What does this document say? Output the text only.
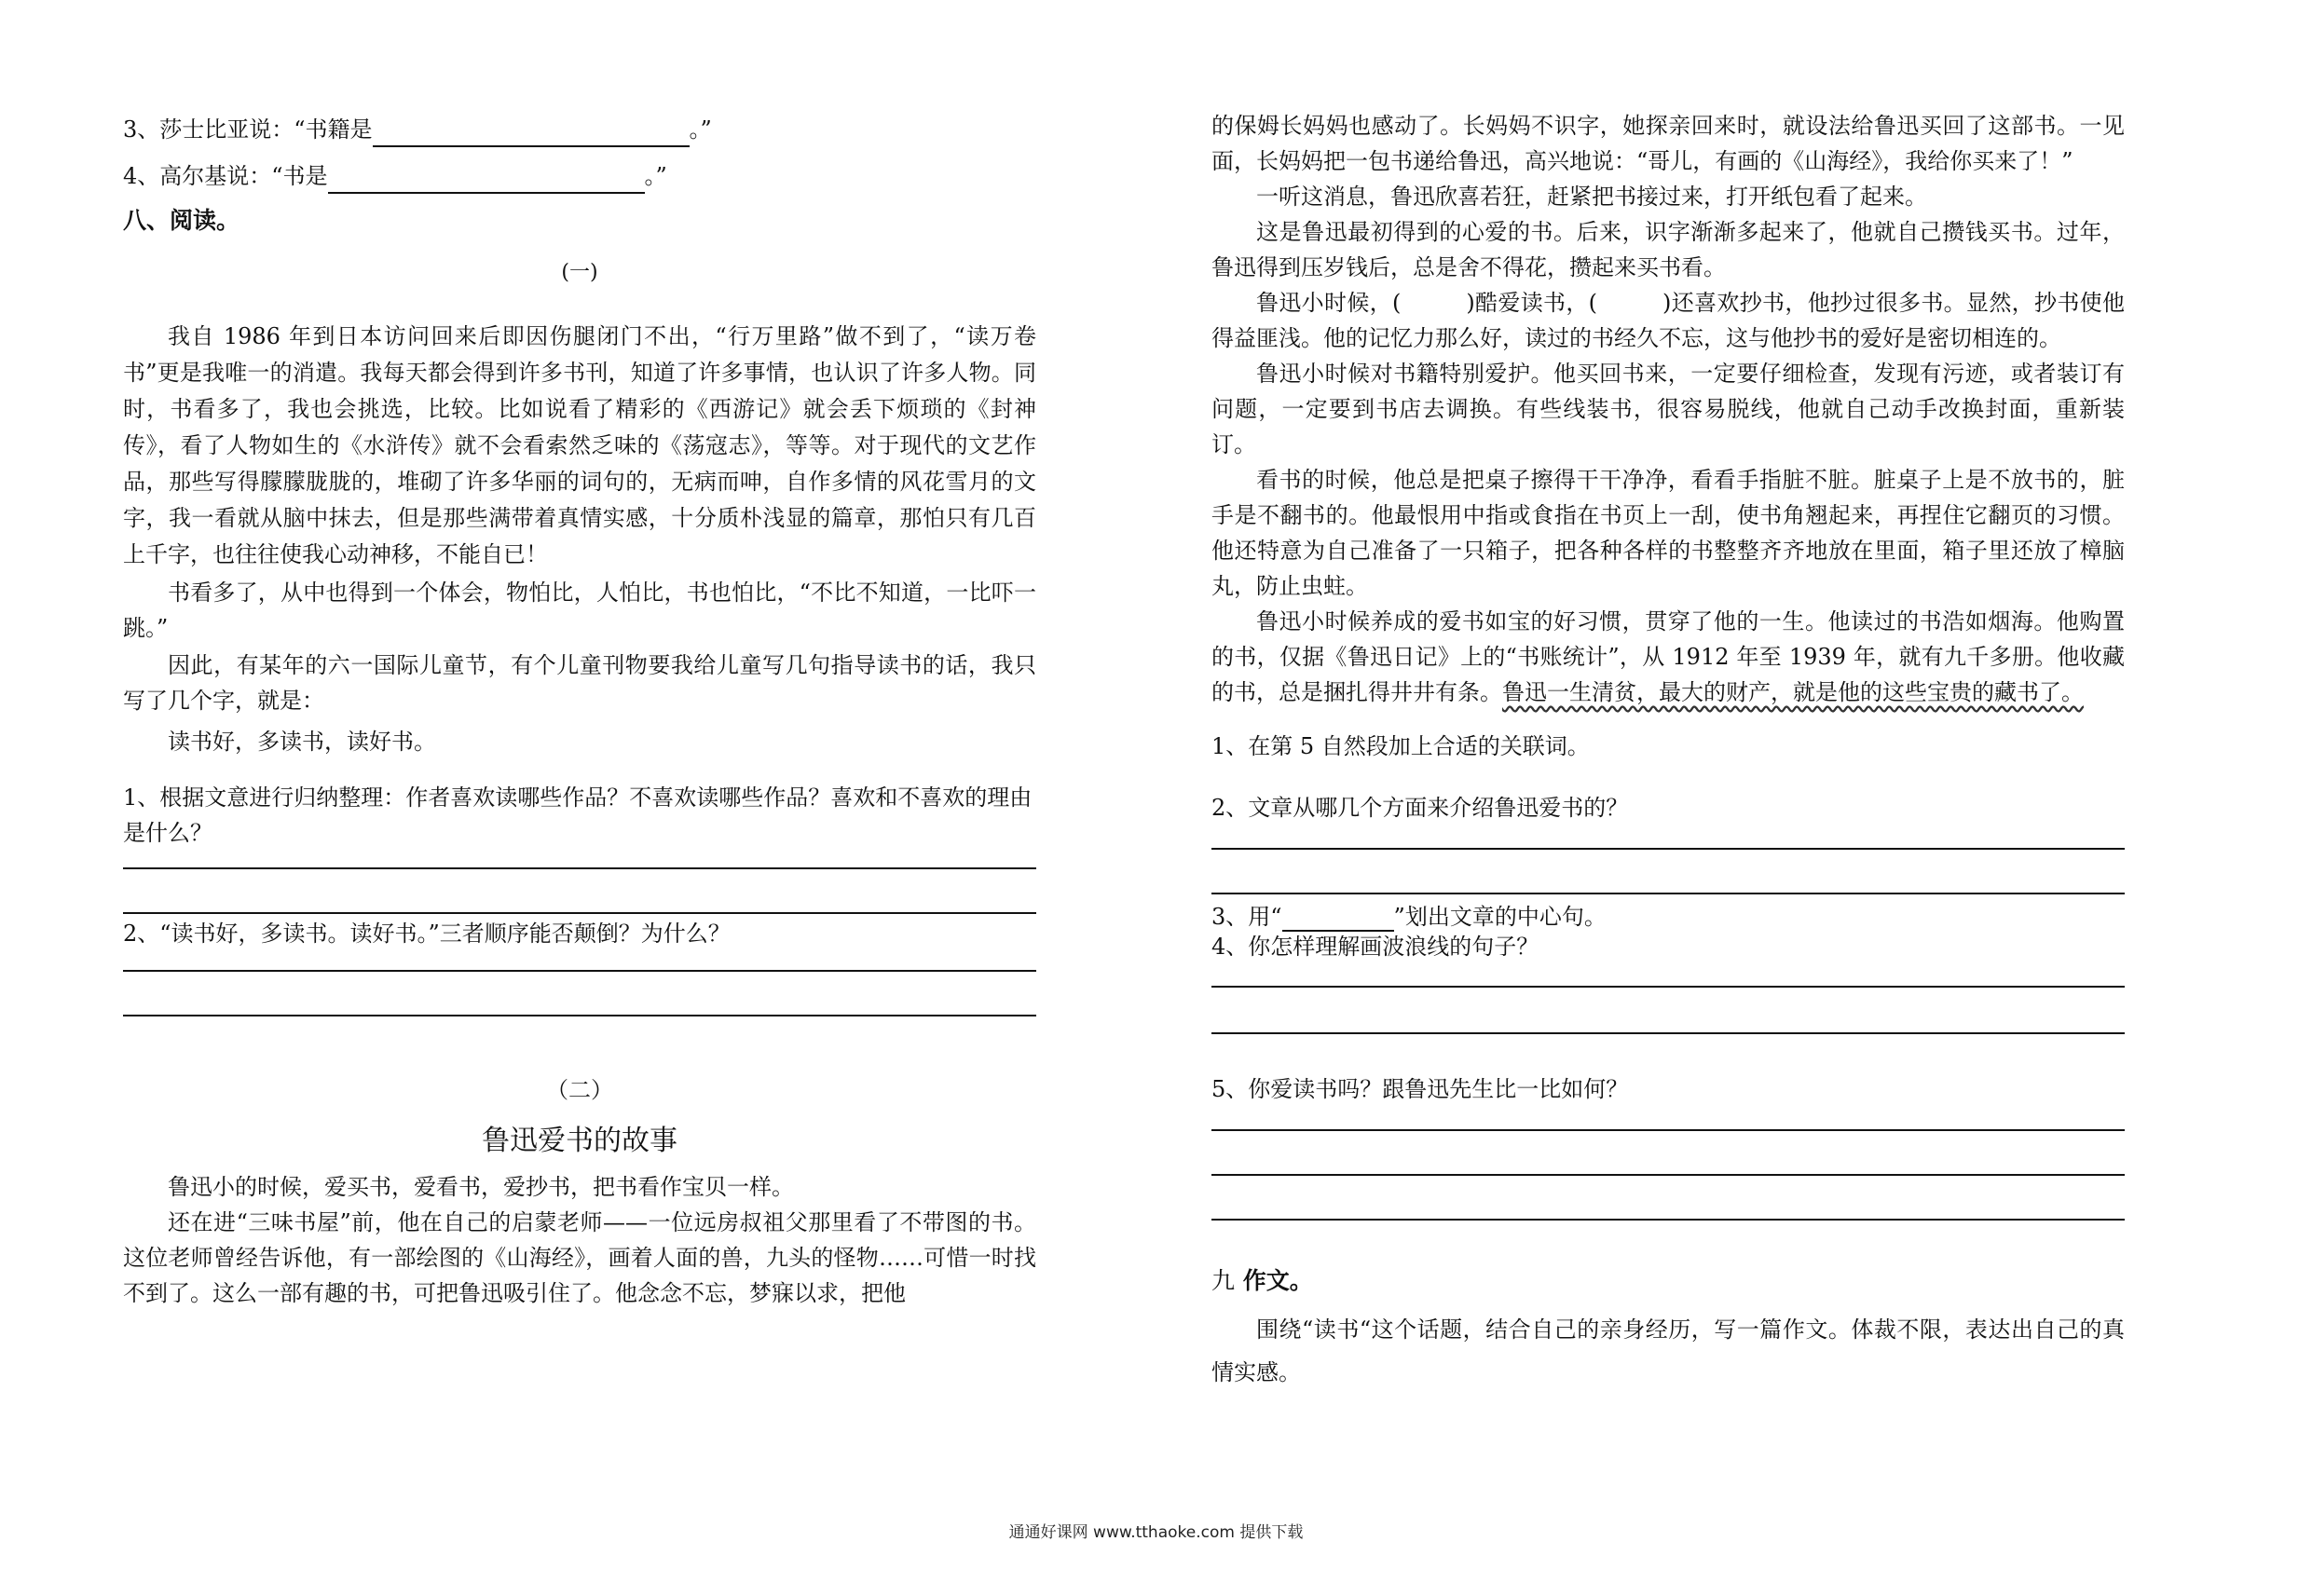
3、莎士比亚说：“书籍是	。”

4、高尔基说：“书是	。”

八、阅读。

(一)

我自 1986 年到日本访问回来后即因伤腿闭门不出，“行万里路”做不到了，“读万卷书”更是我唯一的消遣。我每天都会得到许多书刊，知道了许多事情，也认识了许多人物。同时，书看多了，我也会挑选，比较。比如说看了精彩的《西游记》就会丢下烦琐的《封神传》，看了人物如生的《水浒传》就不会看索然乏味的《荡寇志》，等等。对于现代的文艺作品，那些写得朦朦胧胧的，堆砌了许多华丽的词句的，无病而呻，自作多情的风花雪月的文字，我一看就从脑中抹去，但是那些满带着真情实感，十分质朴浅显的篇章，那怕只有几百上千字，也往往使我心动神移，不能自已！

书看多了，从中也得到一个体会，物怕比，人怕比，书也怕比，“不比不知道，一比吓一跳。”

因此，有某年的六一国际儿童节，有个儿童刊物要我给儿童写几句指导读书的话，我只写了几个字，就是：

读书好，多读书，读好书。

1、根据文意进行归纳整理：作者喜欢读哪些作品？不喜欢读哪些作品？喜欢和不喜欢的理由是什么？

2、“读书好，多读书。读好书。”三者顺序能否颠倒？为什么？

（二）

鲁迅爱书的故事

鲁迅小的时候，爱买书，爱看书，爱抄书，把书看作宝贝一样。

还在进“三味书屋”前，他在自己的启蒙老师——一位远房叔祖父那里看了不带图的书。这位老师曾经告诉他，有一部绘图的《山海经》，画着人面的兽，九头的怪物……可惜一时找不到了。这么一部有趣的书，可把鲁迅吸引住了。他念念不忘，梦寐以求，把他

的保姆长妈妈也感动了。长妈妈不识字，她探亲回来时，就设法给鲁迅买回了这部书。一见面，长妈妈把一包书递给鲁迅，高兴地说：“哥儿，有画的《山海经》，我给你买来了！”

一听这消息，鲁迅欣喜若狂，赶紧把书接过来，打开纸包看了起来。

这是鲁迅最初得到的心爱的书。后来，识字渐渐多起来了，他就自己攒钱买书。过年，鲁迅得到压岁钱后，总是舍不得花，攒起来买书看。

鲁迅小时候，(	)酷爱读书，(	)还喜欢抄书，他抄过很多书。显然，抄书使他得益匪浅。他的记忆力那么好，读过的书经久不忘，这与他抄书的爱好是密切相连的。

鲁迅小时候对书籍特别爱护。他买回书来，一定要仔细检查，发现有污迹，或者装订有问题，一定要到书店去调换。有些线装书，很容易脱线，他就自己动手改换封面，重新装订。

看书的时候，他总是把桌子擦得干干净净，看看手指脏不脏。脏桌子上是不放书的，脏手是不翻书的。他最恨用中指或食指在书页上一刮，使书角翘起来，再捏住它翻页的习惯。他还特意为自己准备了一只箱子，把各种各样的书整整齐齐地放在里面，箱子里还放了樟脑丸，防止虫蛀。

鲁迅小时候养成的爱书如宝的好习惯，贯穿了他的一生。他读过的书浩如烟海。他购置的书，仅据《鲁迅日记》上的“书账统计”，从 1912 年至 1939 年，就有九千多册。他收藏的书，总是捆扎得井井有条。鲁迅一生清贫，最大的财产，就是他的这些宝贵的藏书了。

1、在第 5 自然段加上合适的关联词。

2、文章从哪几个方面来介绍鲁迅爱书的？

3、用“	”划出文章的中心句。

4、你怎样理解画波浪线的句子？

5、你爱读书吗？跟鲁迅先生比一比如何？

九 作文。

围绕“读书“这个话题，结合自己的亲身经历，写一篇作文。体裁不限，表达出自己的真情实感。

通通好课网 www.tthaoke.com 提供下载
